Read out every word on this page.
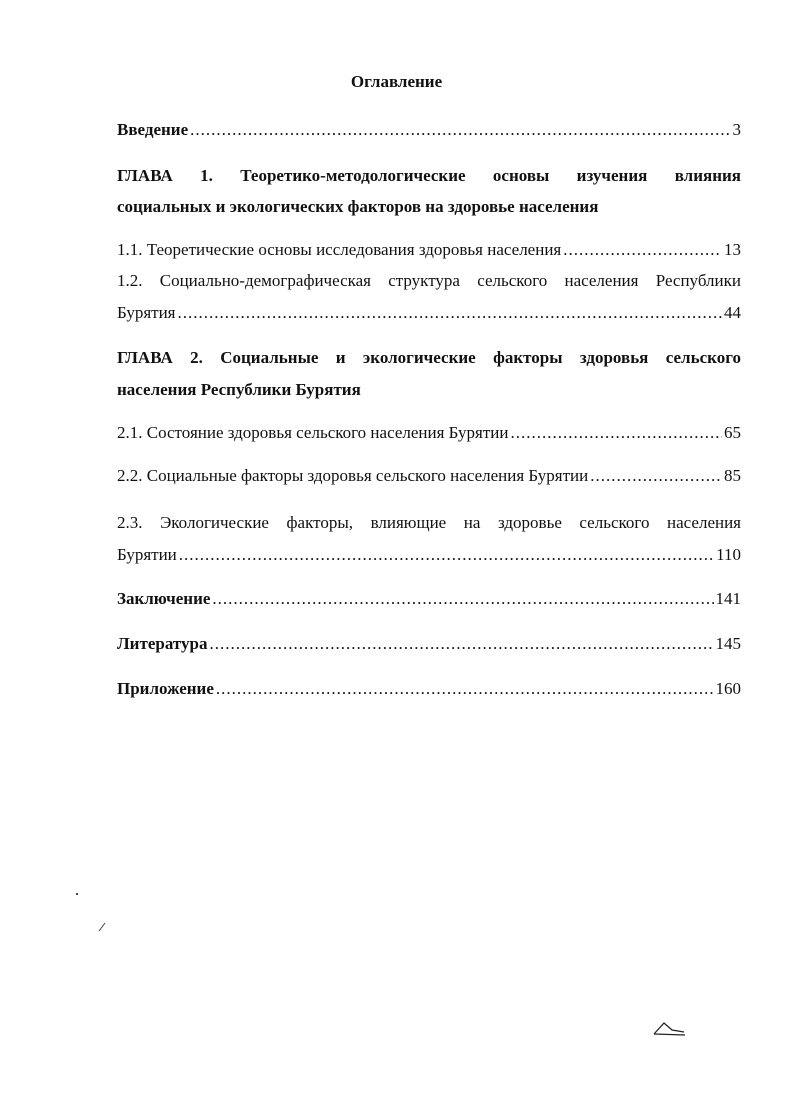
Оглавление
Введение .....	3
ГЛАВА 1. Теоретико-методологические основы изучения влияния
социальных и экологических факторов на здоровье населения
1.1. Теоретические основы исследования здоровья населения .....	13
1.2. Социально-демографическая структура сельского населения Республики
Бурятия .....	44
ГЛАВА 2. Социальные и экологические факторы здоровья сельского
населения Республики Бурятия
2.1. Состояние здоровья сельского населения Бурятии .....	65
2.2. Социальные факторы здоровья сельского населения Бурятии .....	85
2.3. Экологические факторы, влияющие на здоровье сельского населения
Бурятии .....	110
Заключение .....	141
Литература .....	145
Приложение .....	160
